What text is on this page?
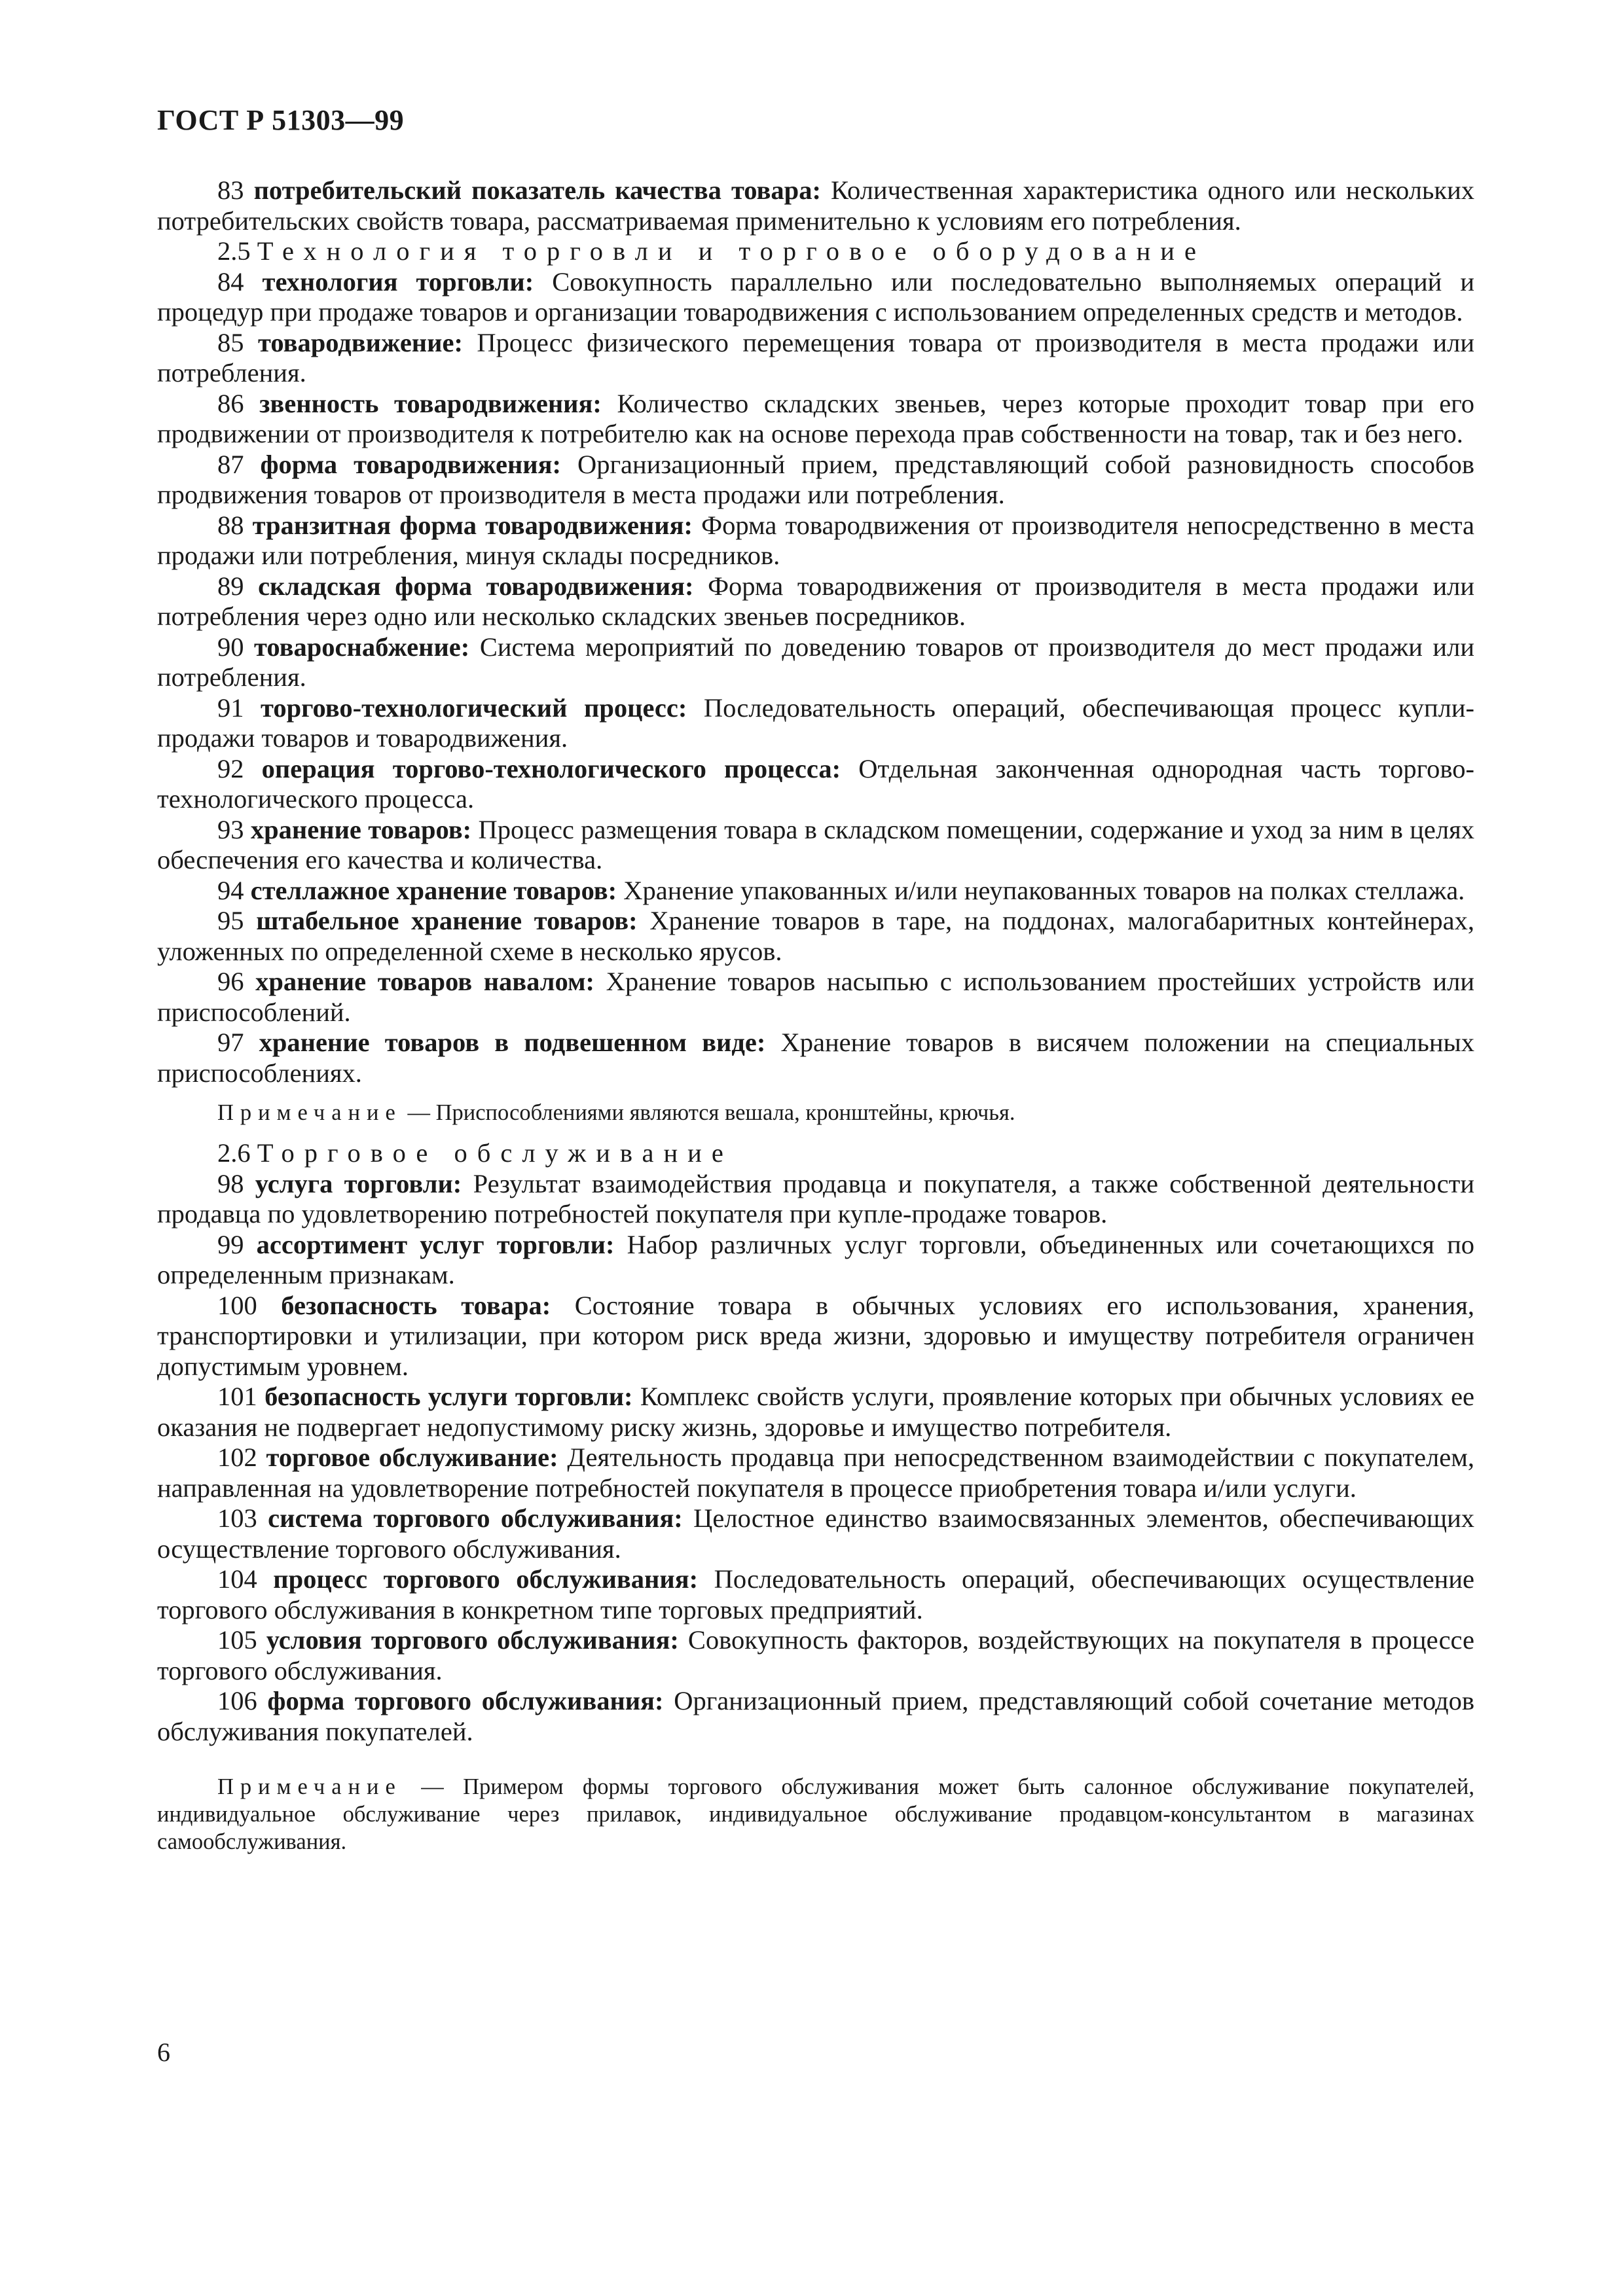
ГОСТ Р 51303—99

83 потребительский показатель качества товара: Количественная характеристика одного или нескольких потребительских свойств товара, рассматриваемая применительно к условиям его потребления.

2.5 Технология торговли и торговое оборудование

84 технология торговли: Совокупность параллельно или последовательно выполняемых операций и процедур при продаже товаров и организации товародвижения с использованием определенных средств и методов.

85 товародвижение: Процесс физического перемещения товара от производителя в места продажи или потребления.

86 звенность товародвижения: Количество складских звеньев, через которые проходит товар при его продвижении от производителя к потребителю как на основе перехода прав собственности на товар, так и без него.

87 форма товародвижения: Организационный прием, представляющий собой разновидность способов продвижения товаров от производителя в места продажи или потребления.

88 транзитная форма товародвижения: Форма товародвижения от производителя непосредственно в места продажи или потребления, минуя склады посредников.

89 складская форма товародвижения: Форма товародвижения от производителя в места продажи или потребления через одно или несколько складских звеньев посредников.

90 товароснабжение: Система мероприятий по доведению товаров от производителя до мест продажи или потребления.

91 торгово-технологический процесс: Последовательность операций, обеспечивающая процесс купли-продажи товаров и товародвижения.

92 операция торгово-технологического процесса: Отдельная законченная однородная часть торгово-технологического процесса.

93 хранение товаров: Процесс размещения товара в складском помещении, содержание и уход за ним в целях обеспечения его качества и количества.

94 стеллажное хранение товаров: Хранение упакованных и/или неупакованных товаров на полках стеллажа.

95 штабельное хранение товаров: Хранение товаров в таре, на поддонах, малогабаритных контейнерах, уложенных по определенной схеме в несколько ярусов.

96 хранение товаров навалом: Хранение товаров насыпью с использованием простейших устройств или приспособлений.

97 хранение товаров в подвешенном виде: Хранение товаров в висячем положении на специальных приспособлениях.

Примечание — Приспособлениями являются вешала, кронштейны, крючья.

2.6 Торговое обслуживание

98 услуга торговли: Результат взаимодействия продавца и покупателя, а также собственной деятельности продавца по удовлетворению потребностей покупателя при купле-продаже товаров.

99 ассортимент услуг торговли: Набор различных услуг торговли, объединенных или сочетающихся по определенным признакам.

100 безопасность товара: Состояние товара в обычных условиях его использования, хранения, транспортировки и утилизации, при котором риск вреда жизни, здоровью и имуществу потребителя ограничен допустимым уровнем.

101 безопасность услуги торговли: Комплекс свойств услуги, проявление которых при обычных условиях ее оказания не подвергает недопустимому риску жизнь, здоровье и имущество потребителя.

102 торговое обслуживание: Деятельность продавца при непосредственном взаимодействии с покупателем, направленная на удовлетворение потребностей покупателя в процессе приобретения товара и/или услуги.

103 система торгового обслуживания: Целостное единство взаимосвязанных элементов, обеспечивающих осуществление торгового обслуживания.

104 процесс торгового обслуживания: Последовательность операций, обеспечивающих осуществление торгового обслуживания в конкретном типе торговых предприятий.

105 условия торгового обслуживания: Совокупность факторов, воздействующих на покупателя в процессе торгового обслуживания.

106 форма торгового обслуживания: Организационный прием, представляющий собой сочетание методов обслуживания покупателей.

Примечание — Примером формы торгового обслуживания может быть салонное обслуживание покупателей, индивидуальное обслуживание через прилавок, индивидуальное обслуживание продавцом-консультантом в магазинах самообслуживания.

6
